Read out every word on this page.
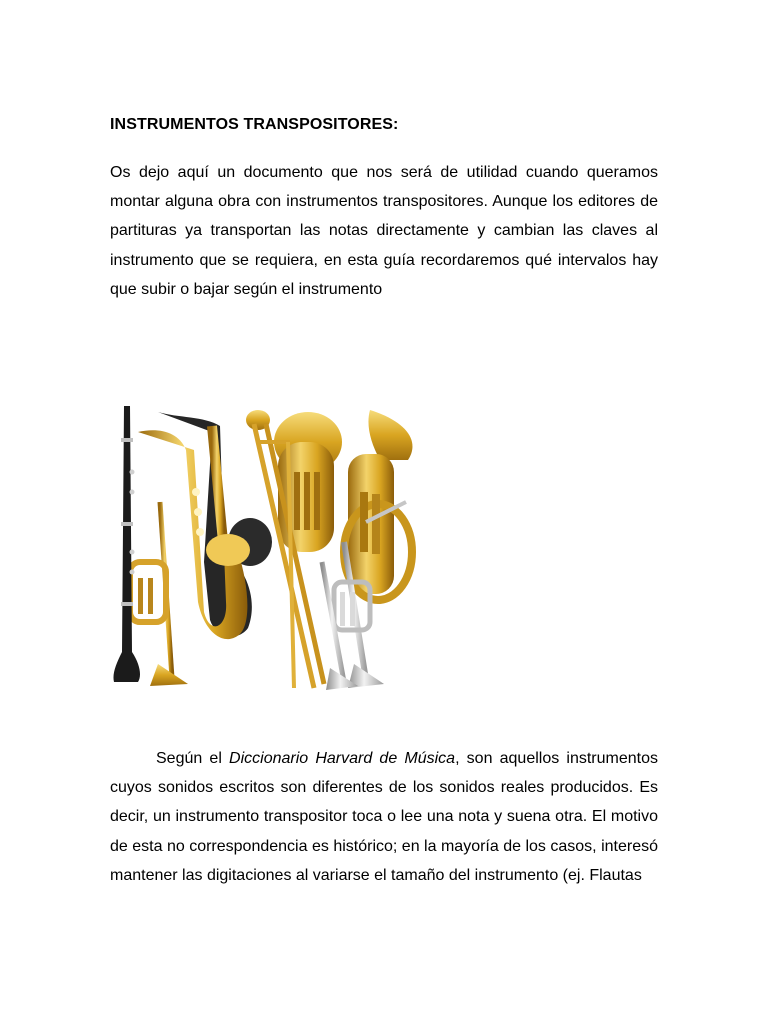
INSTRUMENTOS TRANSPOSITORES:

Os dejo aquí un documento que nos será de utilidad cuando queramos montar alguna obra con instrumentos transpositores. Aunque los editores de partituras ya transportan las notas directamente y cambian las claves al instrumento que se requiera, en esta guía recordaremos qué intervalos hay que subir o bajar según el instrumento

Según el Diccionario Harvard de Música, son aquellos instrumentos cuyos sonidos escritos son diferentes de los sonidos reales producidos. Es decir, un instrumento transpositor toca o lee una nota y suena otra. El motivo de esta no correspondencia es histórico; en la mayoría de los casos, interesó mantener las digitaciones al variarse el tamaño del instrumento (ej. Flautas
